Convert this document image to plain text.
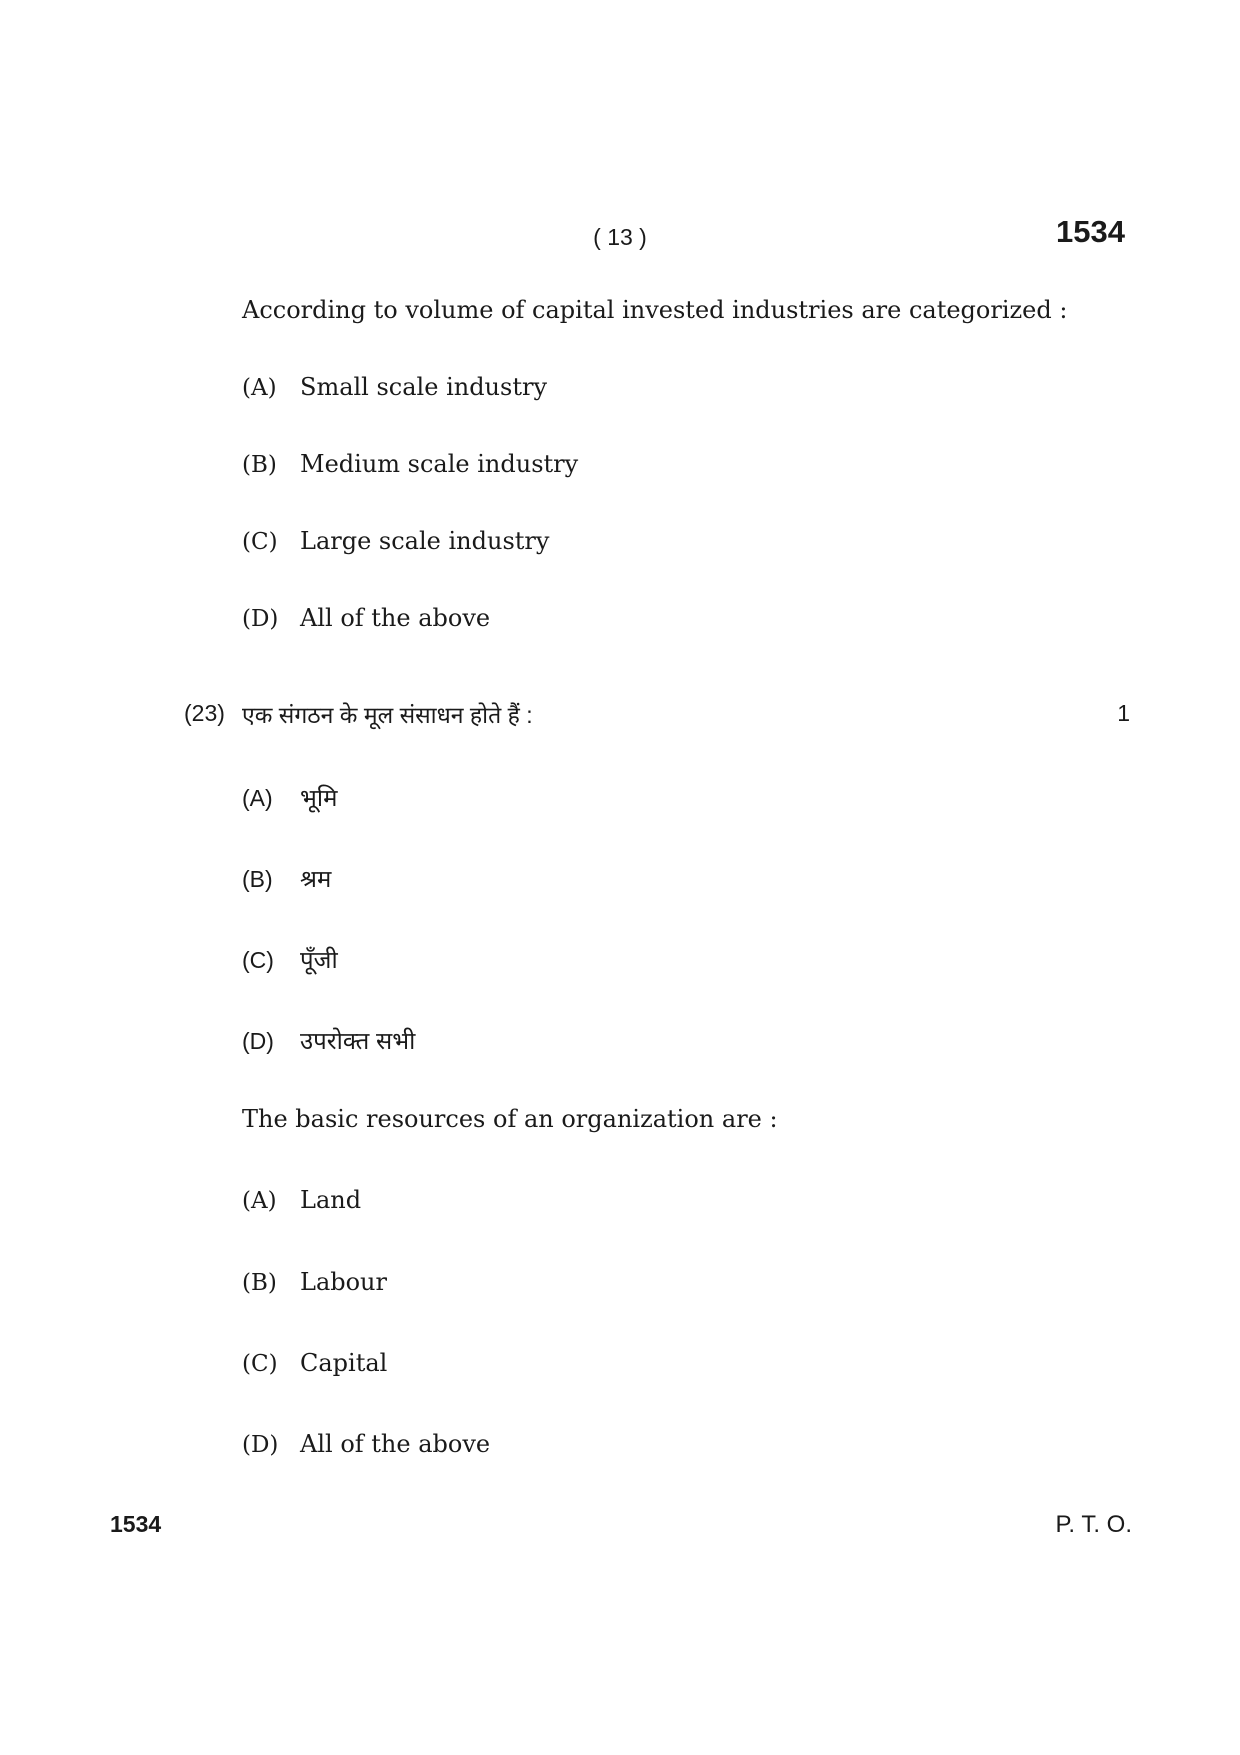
( 13 )	1534
According to volume of capital invested industries are categorized :
(A) Small scale industry
(B) Medium scale industry
(C) Large scale industry
(D) All of the above
(23) एक संगठन के मूल संसाधन होते हैं :	1
(A)	भूमि
(B)	श्रम
(C)	पूँजी
(D)	उपरोक्त सभी
The basic resources of an organization are :
(A) Land
(B) Labour
(C) Capital
(D) All of the above
1534	P. T. O.
